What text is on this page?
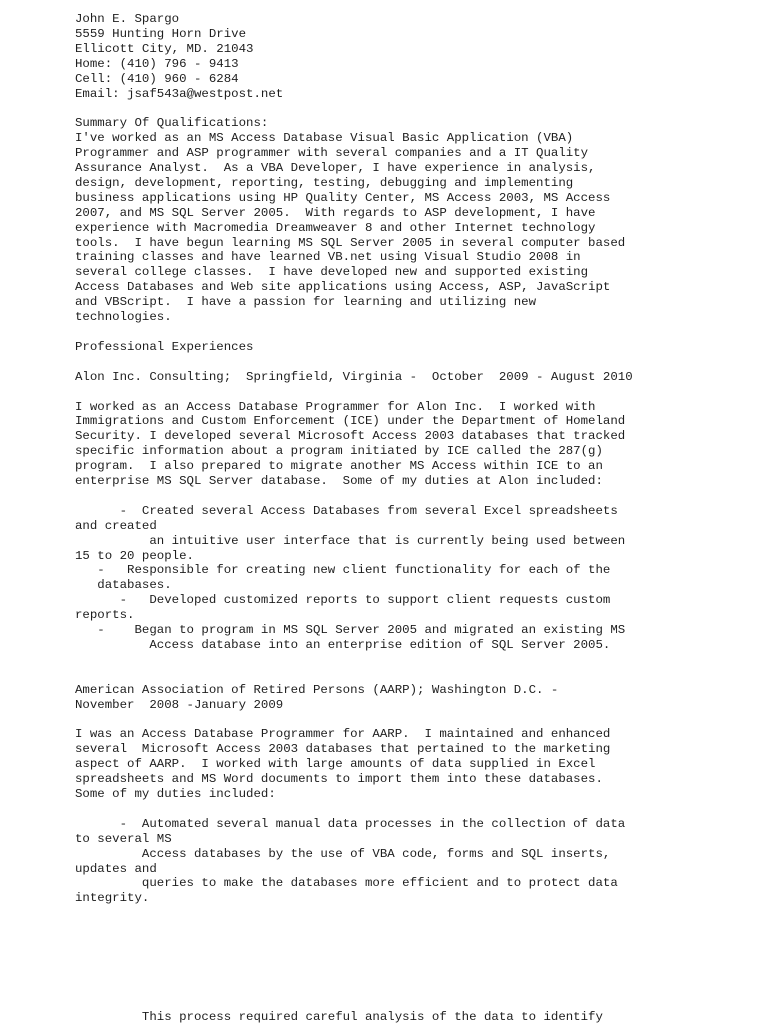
John E. Spargo
5559 Hunting Horn Drive
Ellicott City, MD. 21043
Home: (410) 796 - 9413
Cell: (410) 960 - 6284
Email: jsaf543a@westpost.net
Summary Of Qualifications:
I've worked as an MS Access Database Visual Basic Application (VBA)
Programmer and ASP programmer with several companies and a IT Quality
Assurance Analyst.  As a VBA Developer, I have experience in analysis,
design, development, reporting, testing, debugging and implementing
business applications using HP Quality Center, MS Access 2003, MS Access
2007, and MS SQL Server 2005.  With regards to ASP development, I have
experience with Macromedia Dreamweaver 8 and other Internet technology
tools.  I have begun learning MS SQL Server 2005 in several computer based
training classes and have learned VB.net using Visual Studio 2008 in
several college classes.  I have developed new and supported existing
Access Databases and Web site applications using Access, ASP, JavaScript
and VBScript.  I have a passion for learning and utilizing new
technologies.
Professional Experiences
Alon Inc. Consulting;  Springfield, Virginia -  October  2009 - August 2010
I worked as an Access Database Programmer for Alon Inc.  I worked with
Immigrations and Custom Enforcement (ICE) under the Department of Homeland
Security. I developed several Microsoft Access 2003 databases that tracked
specific information about a program initiated by ICE called the 287(g)
program.  I also prepared to migrate another MS Access within ICE to an
enterprise MS SQL Server database.  Some of my duties at Alon included:
-  Created several Access Databases from several Excel spreadsheets
and created
an intuitive user interface that is currently being used between
15 to 20 people.
-   Responsible for creating new client functionality for each of the
databases.
-   Developed customized reports to support client requests custom
reports.
-    Began to program in MS SQL Server 2005 and migrated an existing MS
Access database into an enterprise edition of SQL Server 2005.
American Association of Retired Persons (AARP); Washington D.C. -
November  2008 -January 2009
I was an Access Database Programmer for AARP.  I maintained and enhanced
several  Microsoft Access 2003 databases that pertained to the marketing
aspect of AARP.  I worked with large amounts of data supplied in Excel
spreadsheets and MS Word documents to import them into these databases.
Some of my duties included:
-  Automated several manual data processes in the collection of data
to several MS
Access databases by the use of VBA code, forms and SQL inserts,
updates and
queries to make the databases more efficient and to protect data
integrity.
This process required careful analysis of the data to identify
